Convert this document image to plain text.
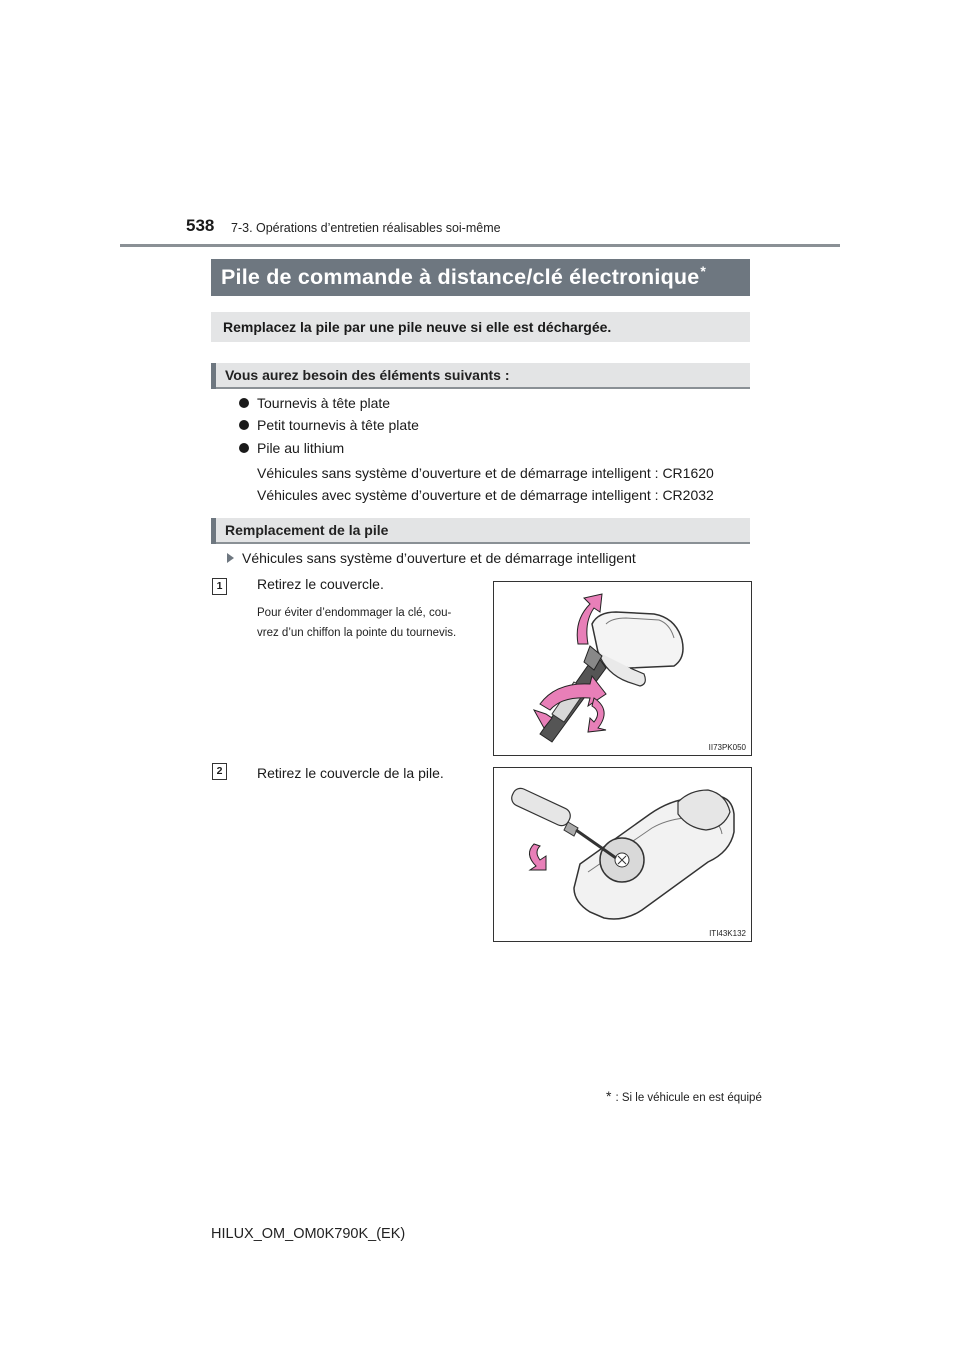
538 7-3. Opérations d’entretien réalisables soi-même
Pile de commande à distance/clé électronique*
Remplacez la pile par une pile neuve si elle est déchargée.
Vous aurez besoin des éléments suivants :
Tournevis à tête plate
Petit tournevis à tête plate
Pile au lithium
Véhicules sans système d’ouverture et de démarrage intelligent : CR1620
Véhicules avec système d’ouverture et de démarrage intelligent : CR2032
Remplacement de la pile
Véhicules sans système d’ouverture et de démarrage intelligent
1	Retirez le couvercle.
Pour éviter d’endommager la clé, cou-
vrez d’un chiffon la pointe du tournevis.
II73PK050
2	Retirez le couvercle de la pile.
ITI43K132
* : Si le véhicule en est équipé
HILUX_OM_OM0K790K_(EK)
